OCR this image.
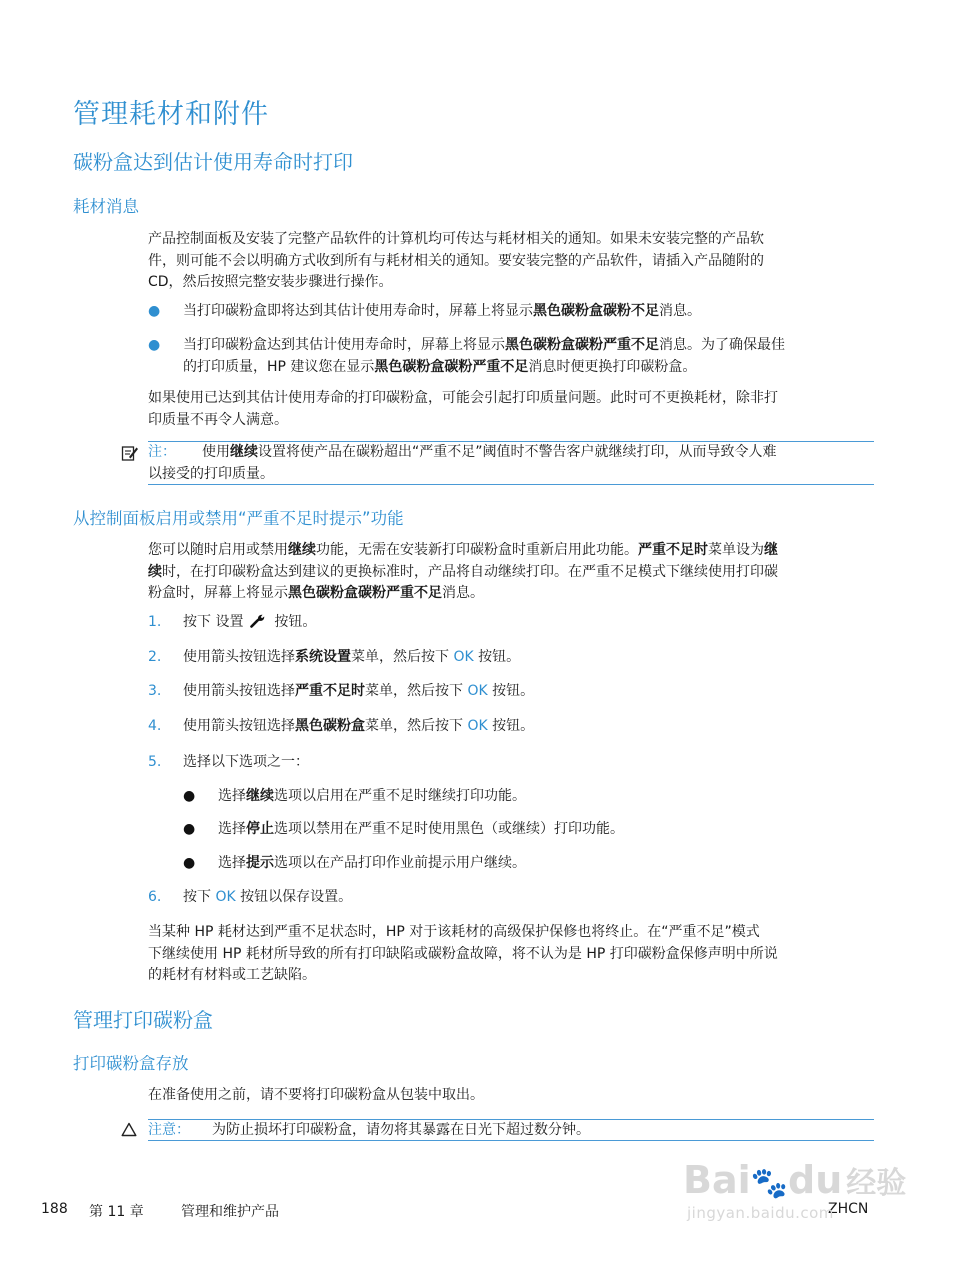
管理耗材和附件
碳粉盒达到估计使用寿命时打印
耗材消息
产品控制面板及安装了完整产品软件的计算机均可传达与耗材相关的通知。如果未安装完整的产品软
件，则可能不会以明确方式收到所有与耗材相关的通知。要安装完整的产品软件，请插入产品随附的
CD，然后按照完整安装步骤进行操作。
● 当打印碳粉盒即将达到其估计使用寿命时，屏幕上将显示黑色碳粉盒碳粉不足消息。
● 当打印碳粉盒达到其估计使用寿命时，屏幕上将显示黑色碳粉盒碳粉严重不足消息。为了确保最佳
的打印质量，HP 建议您在显示黑色碳粉盒碳粉严重不足消息时便更换打印碳粉盒。
如果使用已达到其估计使用寿命的打印碳粉盒，可能会引起打印质量问题。此时可不更换耗材，除非打
印质量不再令人满意。
注： 使用继续设置将使产品在碳粉超出“严重不足”阈值时不警告客户就继续打印，从而导致令人难
以接受的打印质量。
从控制面板启用或禁用“严重不足时提示”功能
您可以随时启用或禁用继续功能，无需在安装新打印碳粉盒时重新启用此功能。严重不足时菜单设为继
续时，在打印碳粉盒达到建议的更换标准时，产品将自动继续打印。在严重不足模式下继续使用打印碳
粉盒时，屏幕上将显示黑色碳粉盒碳粉严重不足消息。
1. 按下 设置 按钮。
2. 使用箭头按钮选择系统设置菜单，然后按下 OK 按钮。
3. 使用箭头按钮选择严重不足时菜单，然后按下 OK 按钮。
4. 使用箭头按钮选择黑色碳粉盒菜单，然后按下 OK 按钮。
5. 选择以下选项之一：
● 选择继续选项以启用在严重不足时继续打印功能。
● 选择停止选项以禁用在严重不足时使用黑色（或继续）打印功能。
● 选择提示选项以在产品打印作业前提示用户继续。
6. 按下 OK 按钮以保存设置。
当某种 HP 耗材达到严重不足状态时，HP 对于该耗材的高级保护保修也将终止。在“严重不足”模式
下继续使用 HP 耗材所导致的所有打印缺陷或碳粉盒故障，将不认为是 HP 打印碳粉盒保修声明中所说
的耗材有材料或工艺缺陷。
管理打印碳粉盒
打印碳粉盒存放
在准备使用之前，请不要将打印碳粉盒从包装中取出。
注意： 为防止损坏打印碳粉盒，请勿将其暴露在日光下超过数分钟。
188 第 11 章	管理和维护产品	ZHCN
Bai🐾du 经验
jingyan.baidu.com
